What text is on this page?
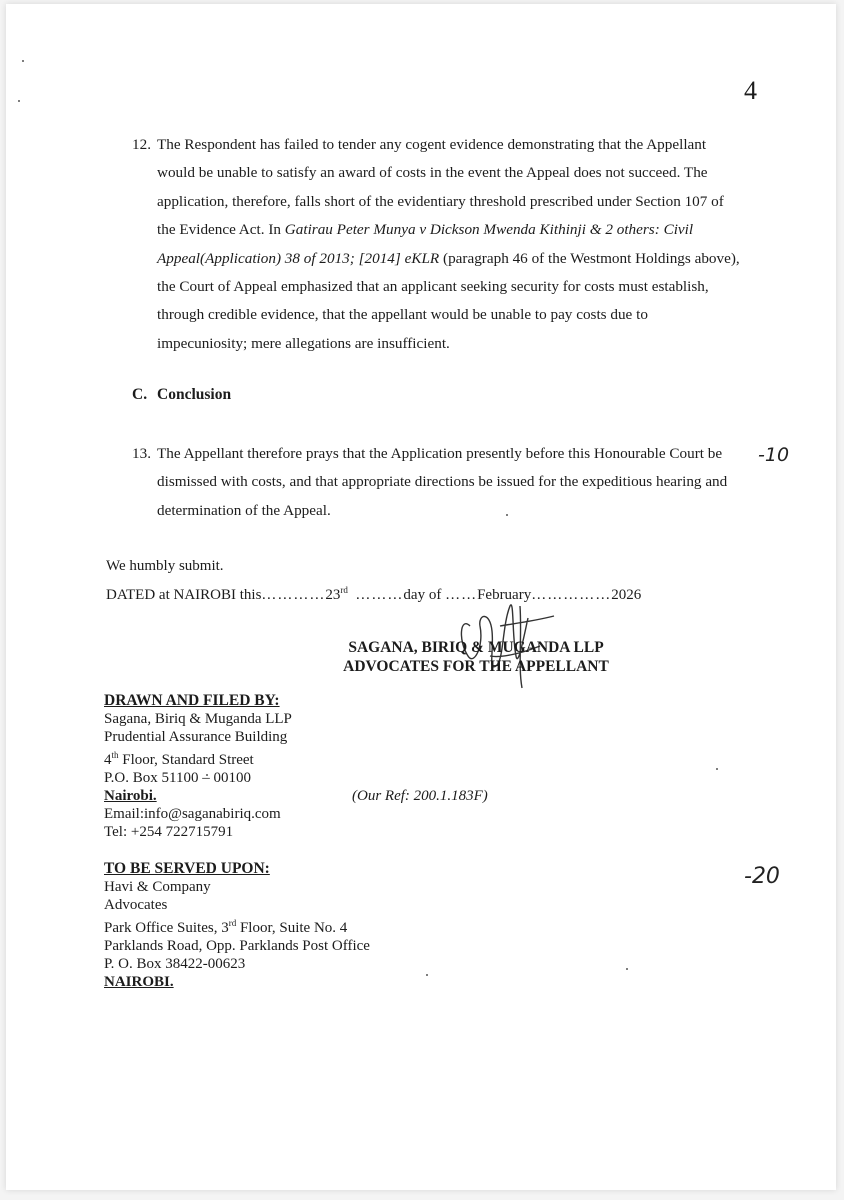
4
12. The Respondent has failed to tender any cogent evidence demonstrating that the Appellant
would be unable to satisfy an award of costs in the event the Appeal does not succeed. The
application, therefore, falls short of the evidentiary threshold prescribed under Section 107 of
the Evidence Act. In Gatirau Peter Munya v Dickson Mwenda Kithinji & 2 others: Civil
Appeal(Application) 38 of 2013; [2014] eKLR (paragraph 46 of the Westmont Holdings above),
the Court of Appeal emphasized that an applicant seeking security for costs must establish,
through credible evidence, that the appellant would be unable to pay costs due to
impecuniosity; mere allegations are insufficient.
C. Conclusion
13. The Appellant therefore prays that the Application presently before this Honourable Court be
dismissed with costs, and that appropriate directions be issued for the expeditious hearing and
determination of the Appeal.
-10
We humbly submit.
DATED at NAIROBI this…………23rd ………day of ……February……………2026
SAGANA, BIRIQ & MUGANDA LLP
ADVOCATES FOR THE APPELLANT
DRAWN AND FILED BY:
Sagana, Biriq & Muganda LLP
Prudential Assurance Building
4th Floor, Standard Street
P.O. Box 51100 – 00100
Nairobi.
Email:info@saganabiriq.com
Tel: +254 722715791
(Our Ref: 200.1.183F)
TO BE SERVED UPON:
Havi & Company
Advocates
Park Office Suites, 3rd Floor, Suite No. 4
Parklands Road, Opp. Parklands Post Office
P. O. Box 38422-00623
NAIROBI.
-20
